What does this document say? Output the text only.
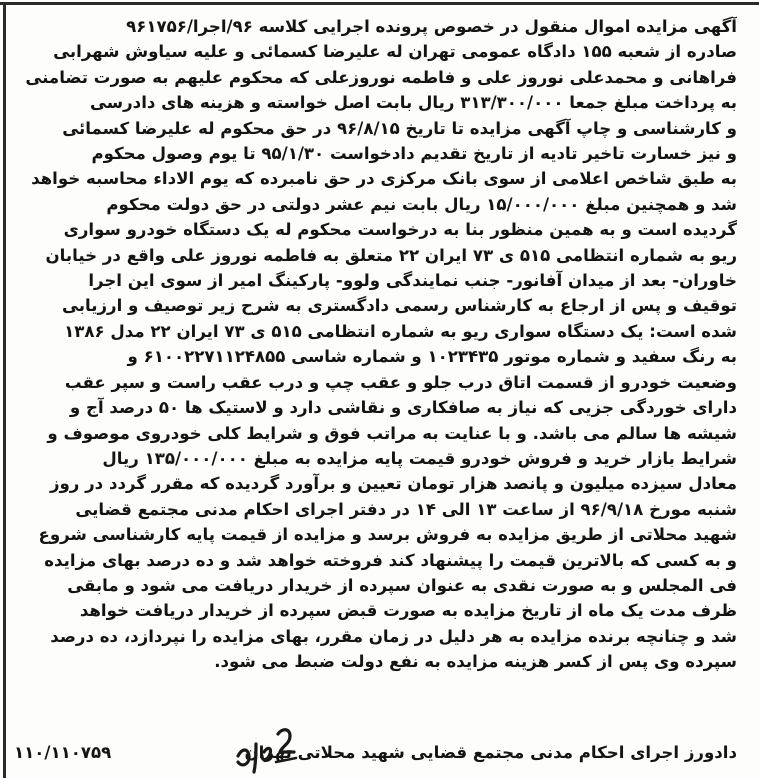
آگهی مزایده اموال منقول در خصوص پرونده اجرایی کلاسه ۹۶/اجرا/۹۶۱۷۵۶
صادره از شعبه ۱۵۵ دادگاه عمومی تهران له علیرضا کسمائی و علیه سیاوش شهرابی
فراهانی و محمدعلی نوروز علی و فاطمه نوروزعلی که محکوم علیهم به صورت تضامنی
به پرداخت مبلغ جمعا ۳۱۳/۳۰۰/۰۰۰ ریال بابت اصل خواسته و هزینه های دادرسی
و کارشناسی و چاپ آگهی مزایده تا تاریخ ۹۶/۸/۱۵ در حق محکوم له علیرضا کسمائی
و نیز خسارت تاخیر تادیه از تاریخ تقدیم دادخواست ۹۵/۱/۳۰ تا یوم وصول محکوم
به طبق شاخص اعلامی از سوی بانک مرکزی در حق نامبرده که یوم الاداء محاسبه خواهد
شد و همچنین مبلغ ۱۵/۰۰۰/۰۰۰ ریال بابت نیم عشر دولتی در حق دولت محکوم
گردیده است و به همین منظور بنا به درخواست محکوم له یک دستگاه خودرو سواری
ریو به شماره انتظامی ۵۱۵ ی ۷۳ ایران ۲۲ متعلق به فاطمه نوروز علی واقع در خیابان
خاوران- بعد از میدان آفانور- جنب نمایندگی ولوو- پارکینگ امیر از سوی این اجرا
توقیف و پس از ارجاع به کارشناس رسمی دادگستری به شرح زیر توصیف و ارزیابی
شده است: یک دستگاه سواری ریو به شماره انتظامی ۵۱۵ ی ۷۳ ایران ۲۲ مدل ۱۳۸۶
به رنگ سفید و شماره موتور ۱۰۲۳۴۳۵ و شماره شاسی ۶۱۰۰۲۲۷۱۱۲۴۸۵۵ و
وضعیت خودرو از قسمت اتاق درب جلو و عقب چپ و درب عقب راست و سپر عقب
دارای خوردگی جزیی که نیاز به صافکاری و نقاشی دارد و لاستیک ها ۵۰ درصد آج و
شیشه ها سالم می باشد. و با عنایت به مراتب فوق و شرایط کلی خودروی موصوف و
شرایط بازار خرید و فروش خودرو قیمت پایه مزایده به مبلغ ۱۳۵/۰۰۰/۰۰۰ ریال
معادل سیزده میلیون و پانصد هزار تومان تعیین و برآورد گردیده که مقرر گردد در روز
شنبه مورخ ۹۶/۹/۱۸ از ساعت ۱۳ الی ۱۴ در دفتر اجرای احکام مدنی مجتمع قضایی
شهید محلاتی از طریق مزایده به فروش برسد و مزایده از قیمت پایه کارشناسی شروع
و به کسی که بالاترین قیمت را پیشنهاد کند فروخته خواهد شد و ده درصد بهای مزایده
فی المجلس و به صورت نقدی به عنوان سپرده از خریدار دریافت می شود و مابقی
ظرف مدت یک ماه از تاریخ مزایده به صورت قبض سپرده از خریدار دریافت خواهد
شد و چنانچه برنده مزایده به هر دلیل در زمان مقرر، بهای مزایده را نپردازد، ده درصد
سپرده وی پس از کسر هزینه مزایده به نفع دولت ضبط می شود.
دادورز اجرای احکام مدنی مجتمع قضایی شهید محلاتی تهران
۱۱۰/۱۱۰۷۵۹
